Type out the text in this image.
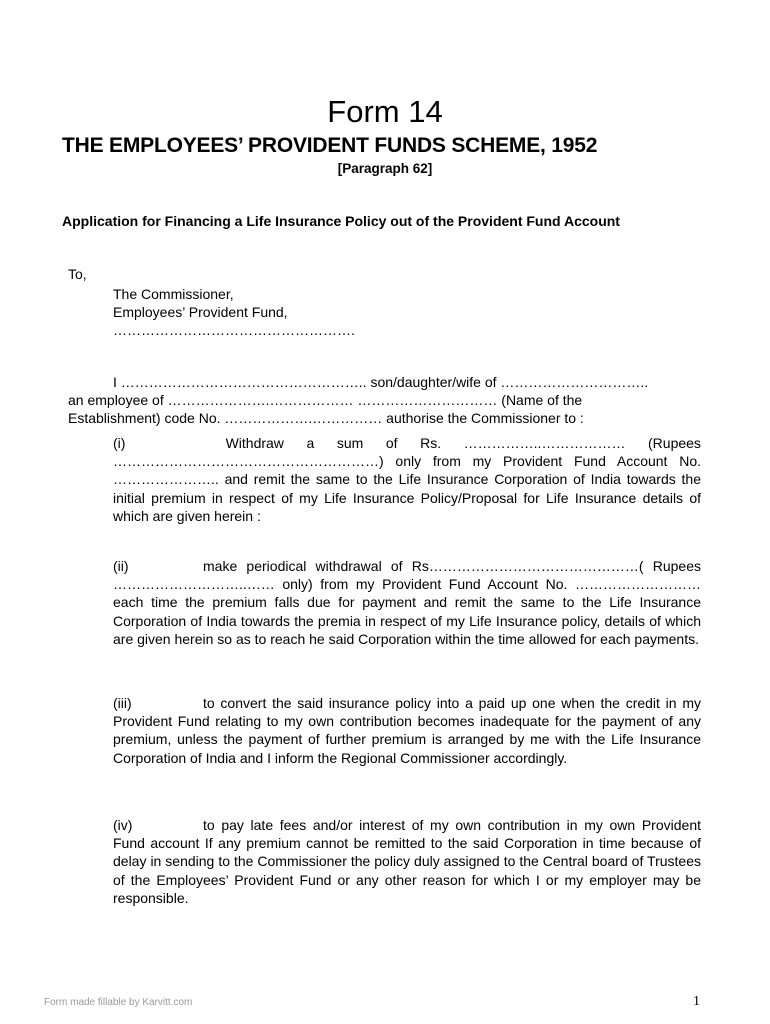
Form 14
THE EMPLOYEES’ PROVIDENT FUNDS SCHEME, 1952
[Paragraph 62]
Application for Financing a Life Insurance Policy out of the Provident Fund Account
To,
The Commissioner,
Employees’ Provident Fund,
…………………………………………….
I …………………………………………….. son/daughter/wife of …………………………..
an employee of ………………….……………… ………………………… (Name of the
Establishment) code No. ……………….…………… authorise the Commissioner to :
(i)	Withdraw a sum of Rs. ……………..……………… (Rupees
…………………………………………………) only from my Provident Fund Account No. ………………….. and remit the same to the Life Insurance Corporation of India towards the initial premium in respect of my Life Insurance Policy/Proposal for Life Insurance details of which are given herein :
(ii)	make periodical withdrawal of Rs………………………………………( Rupees ………………………..…… only) from my Provident Fund Account No. ……………………… each time the premium falls due for payment and remit the same to the Life Insurance Corporation of India towards the premia in respect of my Life Insurance policy, details of which are given herein so as to reach he said Corporation within the time allowed for each payments.
(iii)	to convert the said insurance policy into a paid up one when the credit in my Provident Fund relating to my own contribution becomes inadequate for the payment of any premium, unless the payment of further premium is arranged by me with the Life Insurance Corporation of India and I inform the Regional Commissioner accordingly.
(iv)	to pay late fees and/or interest of my own contribution in my own Provident Fund account If any premium cannot be remitted to the said Corporation in time because of delay in sending to the Commissioner the policy duly assigned to the Central board of Trustees of the Employees’ Provident Fund or any other reason for which I or my employer may be responsible.
Form made fillable by Karvitt.com	1
